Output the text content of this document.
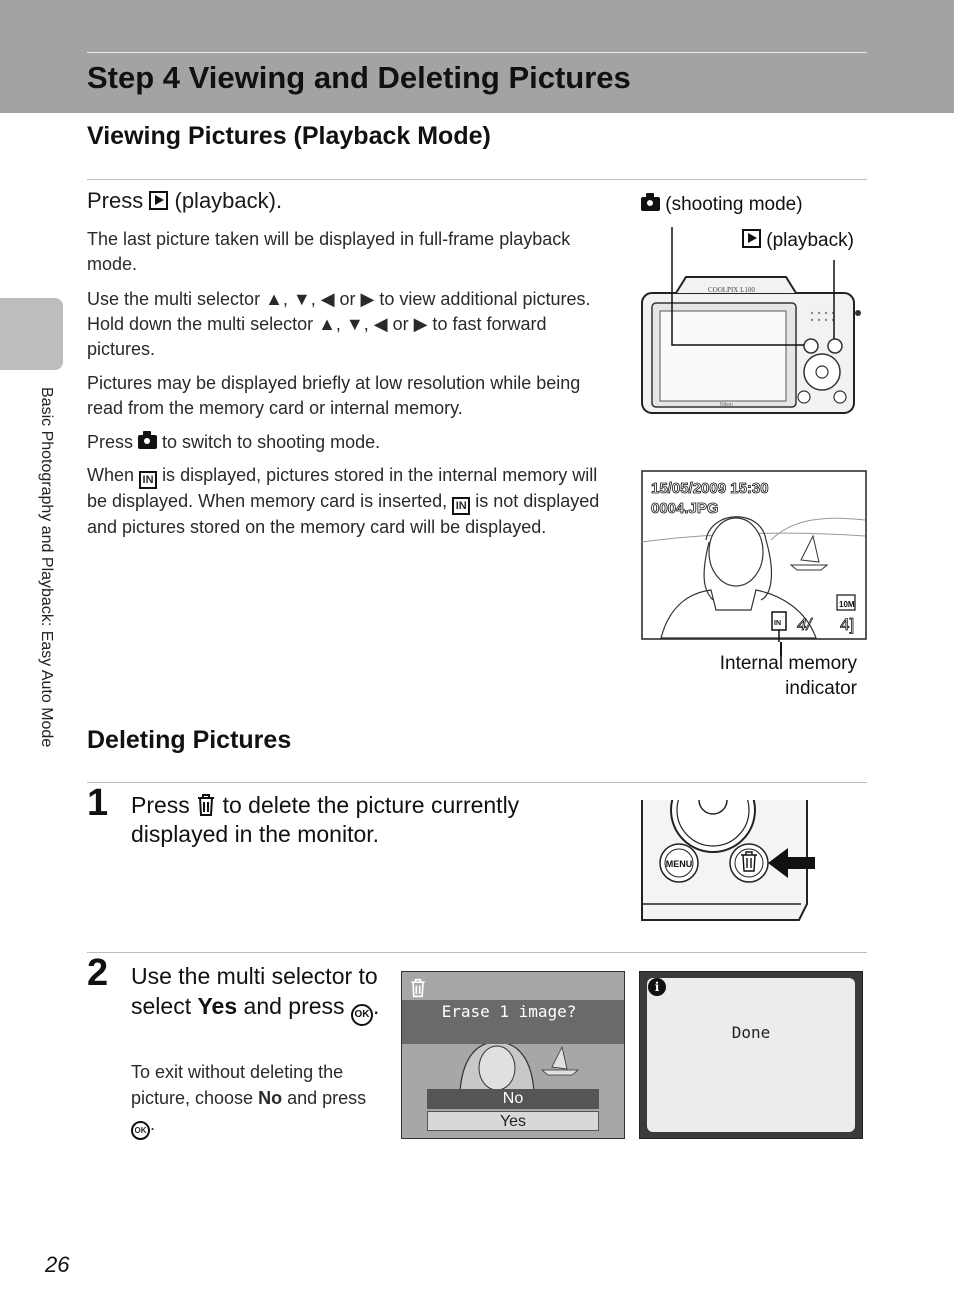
Step 4 Viewing and Deleting Pictures
Basic Photography and Playback: Easy Auto Mode
Viewing Pictures (Playback Mode)
Press (playback).
The last picture taken will be displayed in full-frame playback mode.
Use the multi selector ▲, ▼, ◀ or ▶ to view additional pictures. Hold down the multi selector ▲, ▼, ◀ or ▶ to fast forward pictures.
Pictures may be displayed briefly at low resolution while being read from the memory card or internal memory.
Press to switch to shooting mode.
When IN is displayed, pictures stored in the internal memory will be displayed. When memory card is inserted, IN is not displayed and pictures stored on the memory card will be displayed.
(shooting mode)
(playback)
COOLPIX L100
Nikon
15/05/2009 15:30
0004.JPG
10M
IN 4/ 4]
Internal memory
indicator
Deleting Pictures
1 Press to delete the picture currently displayed in the monitor.
MENU
2 Use the multi selector to select Yes and press OK .
To exit without deleting the picture, choose No and press OK .
Erase 1 image?
No
Yes
i
Done
26
